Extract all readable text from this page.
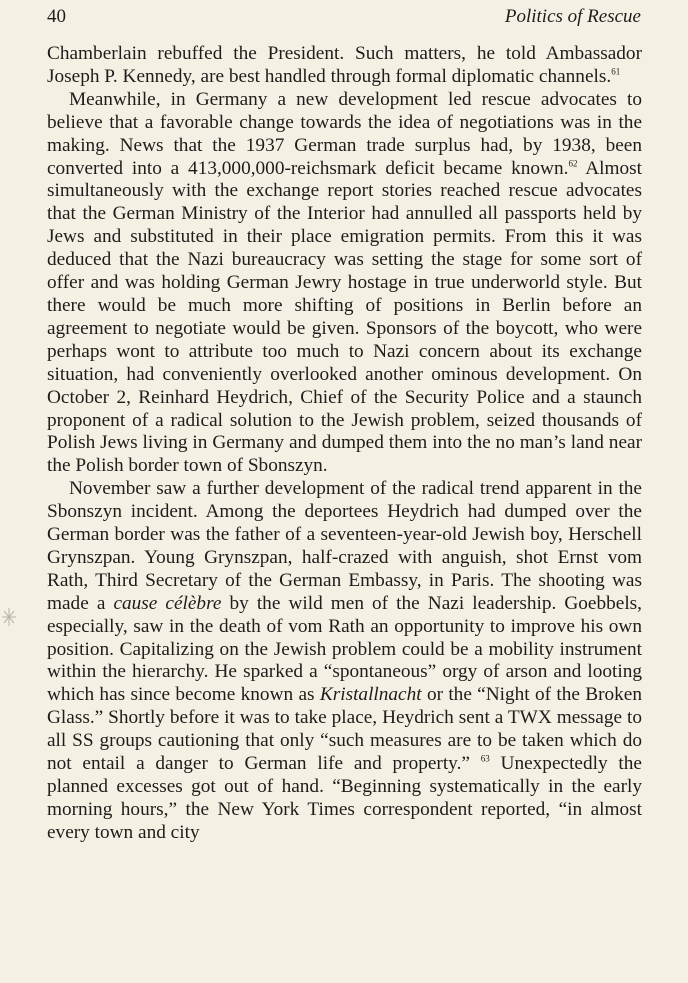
40	Politics of Rescue

Chamberlain rebuffed the President. Such matters, he told Ambassador Joseph P. Kennedy, are best handled through formal diplomatic channels.$^{61}$

Meanwhile, in Germany a new development led rescue advocates to believe that a favorable change towards the idea of negotiations was in the making. News that the 1937 German trade surplus had, by 1938, been converted into a 413,000,000-reichsmark deficit became known.$^{62}$ Almost simultaneously with the exchange report stories reached rescue advocates that the German Ministry of the Interior had annulled all passports held by Jews and substituted in their place emigration permits. From this it was deduced that the Nazi bureaucracy was setting the stage for some sort of offer and was holding German Jewry hostage in true underworld style. But there would be much more shifting of positions in Berlin before an agreement to negotiate would be given. Sponsors of the boycott, who were perhaps wont to attribute too much to Nazi concern about its exchange situation, had conveniently overlooked another ominous development. On October 2, Reinhard Heydrich, Chief of the Security Police and a staunch proponent of a radical solution to the Jewish problem, seized thousands of Polish Jews living in Germany and dumped them into the no man’s land near the Polish border town of Sbonszyn.

November saw a further development of the radical trend apparent in the Sbonszyn incident. Among the deportees Heydrich had dumped over the German border was the father of a seventeen-year-old Jewish boy, Herschell Grynszpan. Young Grynszpan, half-crazed with anguish, shot Ernst vom Rath, Third Secretary of the German Embassy, in Paris. The shooting was made a cause célèbre by the wild men of the Nazi leadership. Goebbels, especially, saw in the death of vom Rath an opportunity to improve his own position. Capitalizing on the Jewish problem could be a mobility instrument within the hierarchy. He sparked a “spontaneous” orgy of arson and looting which has since become known as Kristallnacht or the “Night of the Broken Glass.” Shortly before it was to take place, Heydrich sent a TWX message to all SS groups cautioning that only “such measures are to be taken which do not entail a danger to German life and property.” $^{63}$ Unexpectedly the planned excesses got out of hand. “Beginning systematically in the early morning hours,” the New York Times correspondent reported, “in almost every town and city
